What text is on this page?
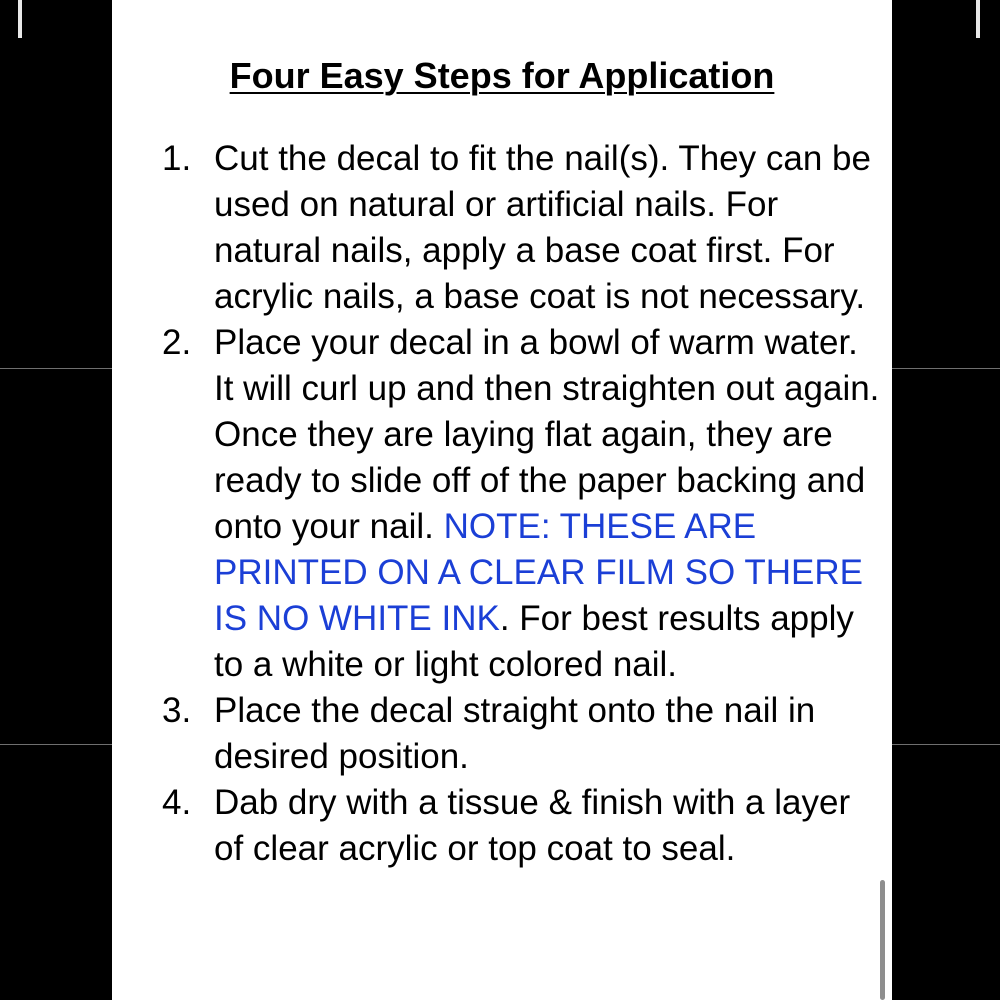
Four Easy Steps for Application
1. Cut the decal to fit the nail(s). They can be used on natural or artificial nails. For natural nails, apply a base coat first. For acrylic nails, a base coat is not necessary.
2. Place your decal in a bowl of warm water. It will curl up and then straighten out again. Once they are laying flat again, they are ready to slide off of the paper backing and onto your nail. NOTE: THESE ARE PRINTED ON A CLEAR FILM SO THERE IS NO WHITE INK. For best results apply to a white or light colored nail.
3. Place the decal straight onto the nail in desired position.
4. Dab dry with a tissue & finish with a layer of clear acrylic or top coat to seal.
